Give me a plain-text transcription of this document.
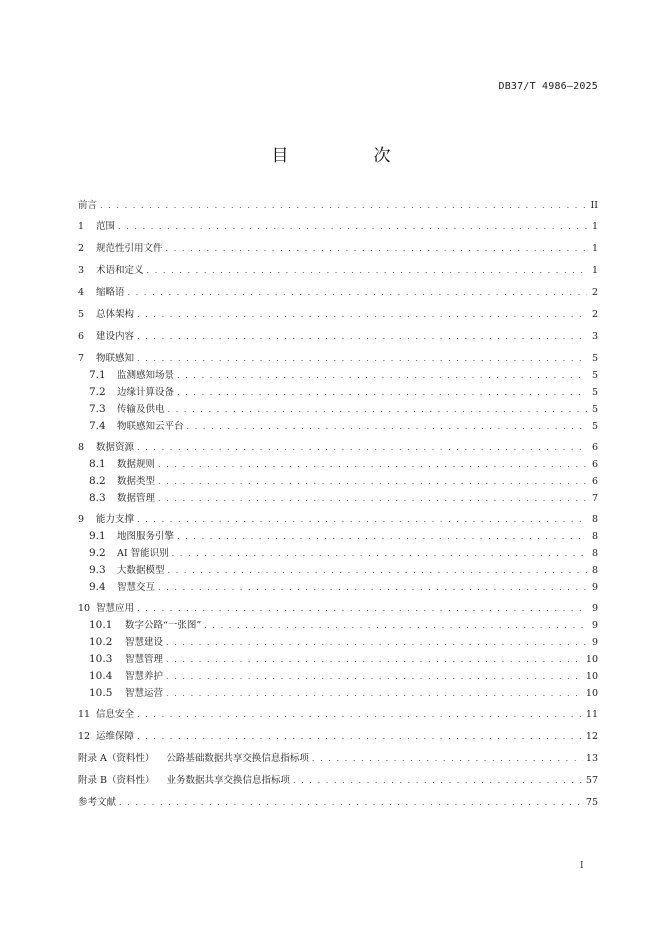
DB37/T 4986—2025
目　次
前言 . . .	II
1	范围 . . .	1
2	规范性引用文件 . . .	1
3	术语和定义 . . .	1
4	缩略语 . . .	2
5	总体架构 . . .	2
6	建设内容 . . .	3
7	物联感知 . . .	5
7.1	监测感知场景 . . .	5
7.2	边缘计算设备 . . .	5
7.3	传输及供电 . . .	5
7.4	物联感知云平台 . . .	5
8	数据资源 . . .	6
8.1	数据规则 . . .	6
8.2	数据类型 . . .	6
8.3	数据管理 . . .	7
9	能力支撑 . . .	8
9.1	地图服务引擎 . . .	8
9.2	AI 智能识别 . . .	8
9.3	大数据模型 . . .	8
9.4	智慧交互 . . .	9
10 智慧应用 . . .	9
10.1	数字公路“一张图” . . .	9
10.2	智慧建设 . . .	9
10.3	智慧管理 . . .	10
10.4	智慧养护 . . .	10
10.5	智慧运营 . . .	10
11 信息安全 . . .	11
12 运维保障 . . .	12
附录 A（资料性） 公路基础数据共享交换信息指标项 . . .	13
附录 B（资料性） 业务数据共享交换信息指标项 . . .	57
参考文献 . . .	75
I
